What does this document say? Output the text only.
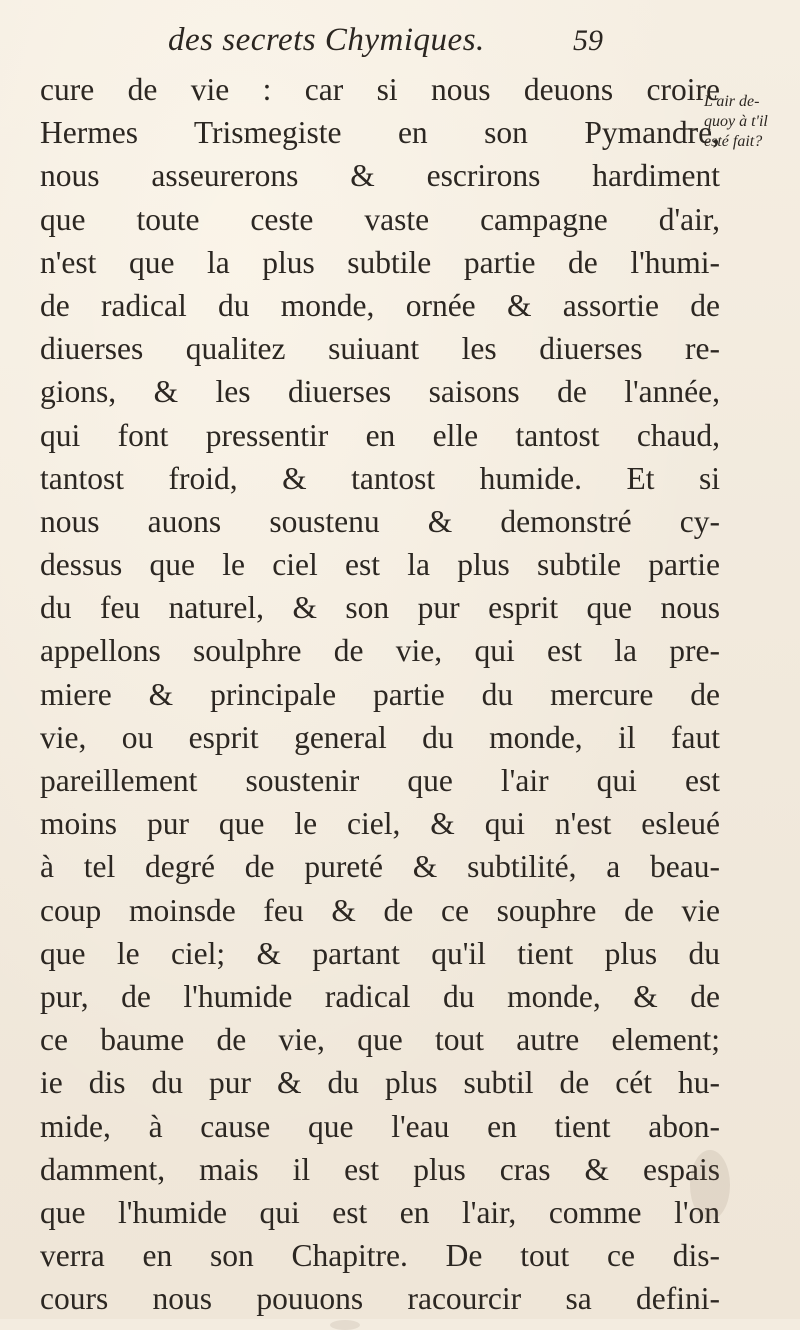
des secrets Chymiques.	59
L'air de-
quoy à t'il
esté fait?
cure de vie : car si nous deuons croire
Hermes Trismegiste en son Pymandre,
nous asseurerons & escrirons hardiment
que toute ceste vaste campagne d'air,
n'est que la plus subtile partie de l'humi-
de radical du monde, ornée & assortie de
diuerses qualitez suiuant les diuerses re-
gions, & les diuerses saisons de l'année,
qui font pressentir en elle tantost chaud,
tantost froid, & tantost humide. Et si
nous auons soustenu & demonstré cy-
dessus que le ciel est la plus subtile partie
du feu naturel, & son pur esprit que nous
appellons soulphre de vie, qui est la pre-
miere & principale partie du mercure de
vie, ou esprit general du monde, il faut
pareillement soustenir que l'air qui est
moins pur que le ciel, & qui n'est esleué
à tel degré de pureté & subtilité, a beau-
coup moinsde feu & de ce souphre de vie
que le ciel; & partant qu'il tient plus du
pur, de l'humide radical du monde, & de
ce baume de vie, que tout autre element;
ie dis du pur & du plus subtil de cét hu-
mide, à cause que l'eau en tient abon-
damment, mais il est plus cras & espais
que l'humide qui est en l'air, comme l'on
verra en son Chapitre. De tout ce dis-
cours nous pouuons racourcir sa defini-
